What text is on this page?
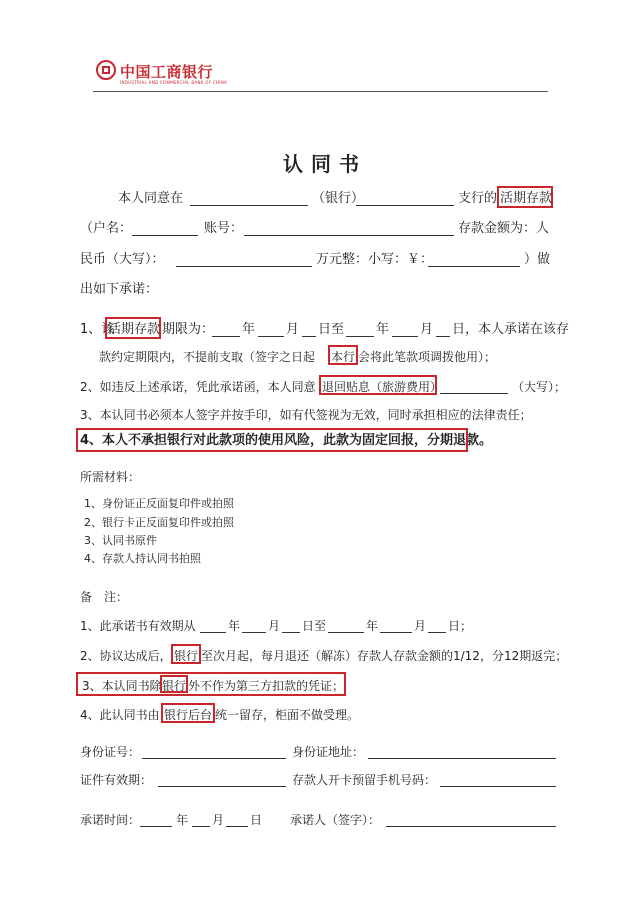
中国工商银行
INDUSTRIAL AND COMMERCIAL BANK OF CHINA
认同书
本人同意在	（银行）	支行的 活期存款
（户名：	账号：	存款金额为：人
民币（大写）：	万元整：小写：￥：	）做
出如下承诺：
1、该
活期存款 期限为： 年 月 日至 年 月 日，本人承诺在该存
款约定期限内，不提前支取（签字之日起 本行 会将此笔款项调拨他用）；
2、如违反上述承诺，凭此承诺函，本人同意 退回贴息（旅游费用）	（大写）；
3、本认同书必须本人签字并按手印，如有代签视为无效，同时承担相应的法律责任；
4、本人不承担银行对此款项的使用风险，此款为固定回报，分期退款。
所需材料：
1、身份证正反面复印件或拍照
2、银行卡正反面复印件或拍照
3、认同书原件
4、存款人持认同书拍照
备　注：
1、此承诺书有效期从	年 月 日至	年	月 日；
2、协议达成后， 银行 至次月起，每月退还（解冻）存款人存款金额的1/12，分12期返完；
3、本认同书除 银行 外不作为第三方扣款的凭证；
4、此认同书由 银行后台 统一留存，柜面不做受理。
身份证号：	身份证地址：
证件有效期：	存款人开卡预留手机号码：
承诺时间：	年 月 日 承诺人（签字）：
